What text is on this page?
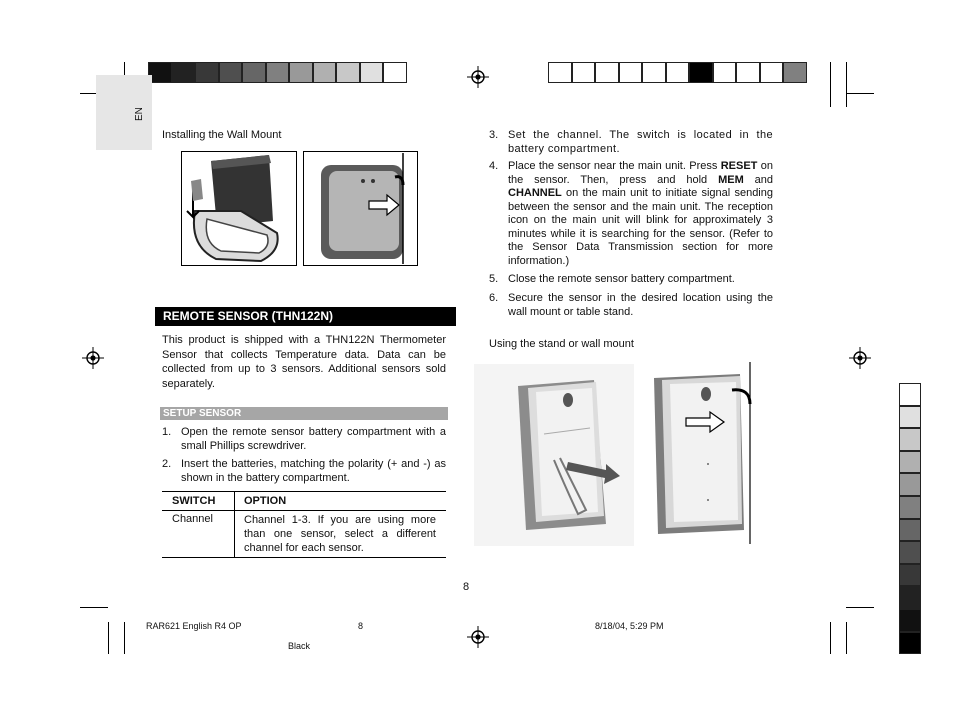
EN
Installing the Wall Mount
REMOTE SENSOR (THN122N)
This product is shipped with a THN122N Thermometer Sensor that collects Temperature data. Data can be collected from up to 3 sensors. Additional sensors sold separately.
SETUP SENSOR
1. Open the remote sensor battery compartment with a small Phillips screwdriver.
2. Insert the batteries, matching the polarity (+ and -) as shown in the battery compartment.
SWITCH	OPTION
Channel	Channel 1-3. If you are using more than one sensor, select a different channel for each sensor.
3. Set the channel. The switch is located in the battery compartment.
4. Place the sensor near the main unit. Press RESET on the sensor. Then, press and hold MEM and CHANNEL on the main unit to initiate signal sending between the sensor and the main unit. The reception icon on the main unit will blink for approximately 3 minutes while it is searching for the sensor. (Refer to the Sensor Data Transmission section for more information.)
5. Close the remote sensor battery compartment.
6. Secure the sensor in the desired location using the wall mount or table stand.
Using the stand or wall mount
8
RAR621 English R4 OP	8	8/18/04, 5:29 PM
Black
